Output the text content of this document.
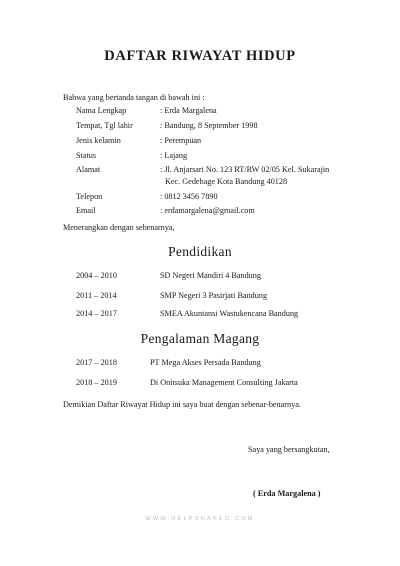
DAFTAR RIWAYAT HIDUP
Bahwa yang bertanda tangan di bawah ini :
Nama Lengkap	: Erda Margalena
Tempat, Tgl lahir	: Bandung, 8 September 1998
Jenis kelamin	: Perempuan
Status	: Lajang
Alamat	: Jl. Anjarsari No. 123 RT/RW 02/05 Kel. Sukarajin
Kec. Gedebage Kota Bandung 40128
Telepon	: 0812 3456 7890
Email	: erdamargalena@gmail.com
Menerangkan dengan sebenarnya,
Pendidikan
2004 – 2010	SD Negeri Mandiri 4 Bandung
2011 – 2014	SMP Negeri 3 Pasirjati Bandung
2014 – 2017	SMEA Akuntansi Wastukencana Bandung
Pengalaman Magang
2017 – 2018	PT Mega Akses Persada Bandung
2018 – 2019	Di Onitsuka Management Consulting Jakarta
Demikian Daftar Riwayat Hidup ini saya buat dengan sebenar-benarnya.
Saya yang bersangkutan,
( Erda Margalena )
WWW.HELPSHARED.COM
